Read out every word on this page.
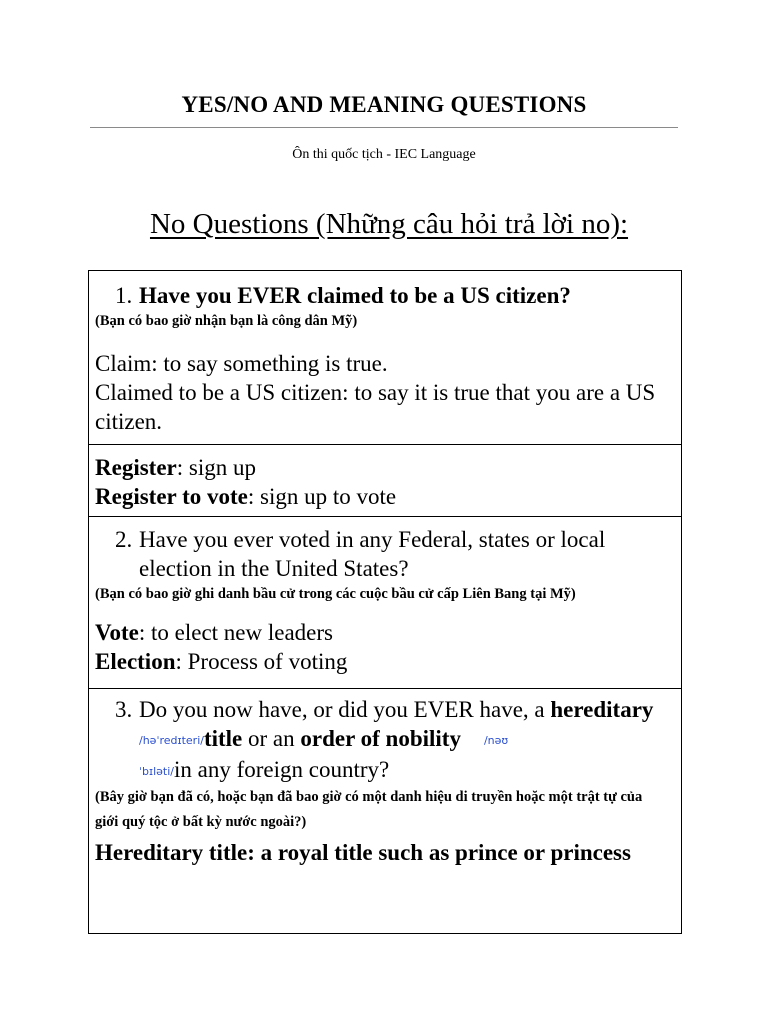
YES/NO AND MEANING QUESTIONS
Ôn thi quốc tịch - IEC Language
No Questions (Những câu hỏi trả lời no):
1. Have you EVER claimed to be a US citizen?
(Bạn có bao giờ nhận bạn là công dân Mỹ)
Claim: to say something is true.
Claimed to be a US citizen: to say it is true that you are a US citizen.
Register: sign up
Register to vote: sign up to vote
2. Have you ever voted in any Federal, states or local election in the United States?
(Bạn có bao giờ ghi danh bầu cử trong các cuộc bầu cử cấp Liên Bang tại Mỹ)
Vote: to elect new leaders
Election: Process of voting
3. Do you now have, or did you EVER have, a hereditary /həˈredɪteri/title or an order of nobility /nəʊ
ˈbɪləti/in any foreign country?
(Bây giờ bạn đã có, hoặc bạn đã bao giờ có một danh hiệu di truyền hoặc một trật tự của
giới quý tộc ở bất kỳ nước ngoài?)
Hereditary title: a royal title such as prince or princess
